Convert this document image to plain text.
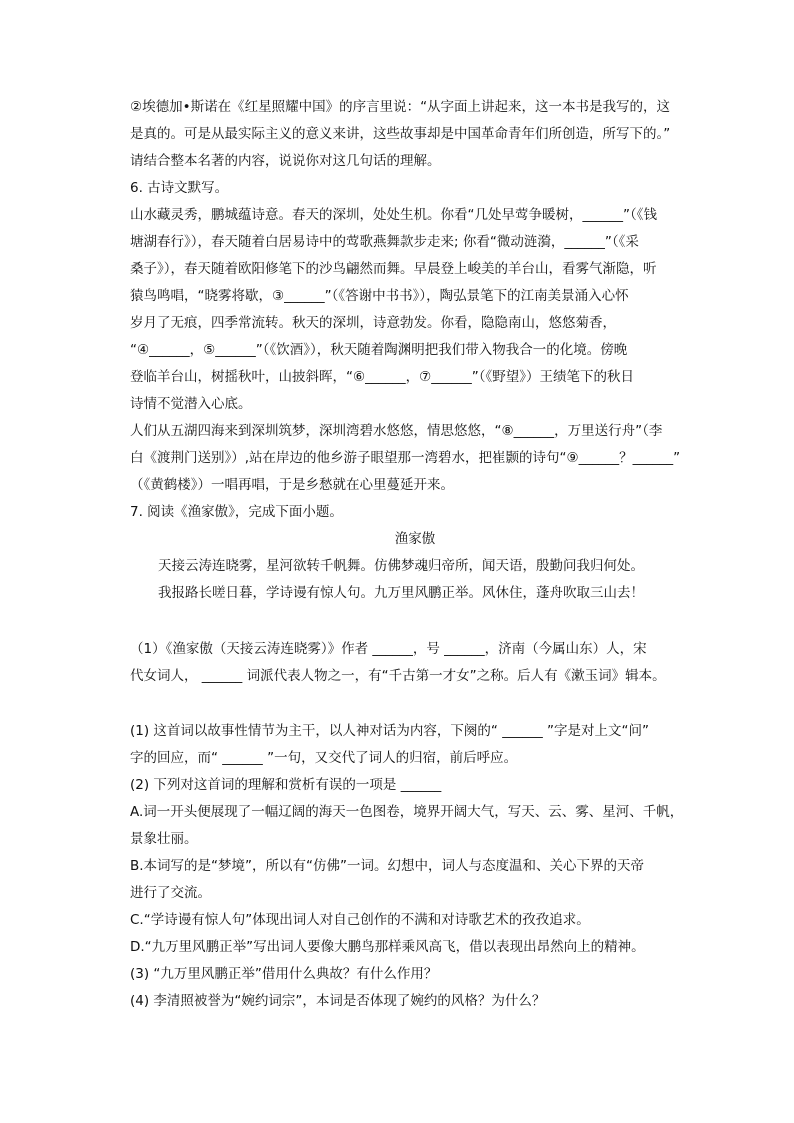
②埃德加•斯诺在《红星照耀中国》的序言里说：“从字面上讲起来，这一本书是我写的，这

是真的。可是从最实际主义的意义来讲，这些故事却是中国革命青年们所创造，所写下的。”

请结合整本名著的内容，说说你对这几句话的理解。

6. 古诗文默写。

山水藏灵秀，鹏城蕴诗意。春天的深圳，处处生机。你看“几处早莺争暖树，______”（《钱

塘湖春行》），春天随着白居易诗中的莺歌燕舞款步走来; 你看“微动涟漪，______”（《采

桑子》），春天随着欧阳修笔下的沙鸟翩然而舞。早晨登上峻美的羊台山，看雾气渐隐，听

猿鸟鸣唱，“晓雾将歇，③______”（《答谢中书书》），陶弘景笔下的江南美景涌入心怀

岁月了无痕，四季常流转。秋天的深圳，诗意勃发。你看，隐隐南山，悠悠菊香，

“④______，⑤______”（《饮酒》），秋天随着陶渊明把我们带入物我合一的化境。傍晚

登临羊台山，树摇秋叶，山披斜晖，“⑥______，⑦______”（《野望》）王绩笔下的秋日

诗情不觉潜入心底。

人们从五湖四海来到深圳筑梦，深圳湾碧水悠悠，情思悠悠，“⑧______，万里送行舟”（李

白《渡荆门送别》）,站在岸边的他乡游子眼望那一湾碧水，把崔颢的诗句“⑨______？______”

（《黄鹤楼》）一唱再唱，于是乡愁就在心里蔓延开来。

7. 阅读《渔家傲》，完成下面小题。

渔家傲

天接云涛连晓雾，星河欲转千帆舞。仿佛梦魂归帝所，闻天语，殷勤问我归何处。

我报路长嗟日暮，学诗谩有惊人句。九万里风鹏正举。风休住，蓬舟吹取三山去！

（1）《渔家傲（天接云涛连晓雾）》作者 ______，号 ______，济南（今属山东）人，宋

代女词人， ______ 词派代表人物之一，有“千古第一才女”之称。后人有《漱玉词》辑本。

(1) 这首词以故事性情节为主干，以人神对话为内容，下阕的“ ______ ”字是对上文“问”

字的回应，而“ ______ ”一句，又交代了词人的归宿，前后呼应。

(2) 下列对这首词的理解和赏析有误的一项是 ______

A.词一开头便展现了一幅辽阔的海天一色图卷，境界开阔大气，写天、云、雾、星河、千帆，

景象壮丽。

B.本词写的是“梦境”，所以有“仿佛”一词。幻想中，词人与态度温和、关心下界的天帝

进行了交流。

C.“学诗谩有惊人句”体现出词人对自己创作的不满和对诗歌艺术的孜孜追求。

D.“九万里风鹏正举”写出词人要像大鹏鸟那样乘风高飞，借以表现出昂然向上的精神。

(3) “九万里风鹏正举”借用什么典故？有什么作用？

(4) 李清照被誉为“婉约词宗”，本词是否体现了婉约的风格？为什么？
